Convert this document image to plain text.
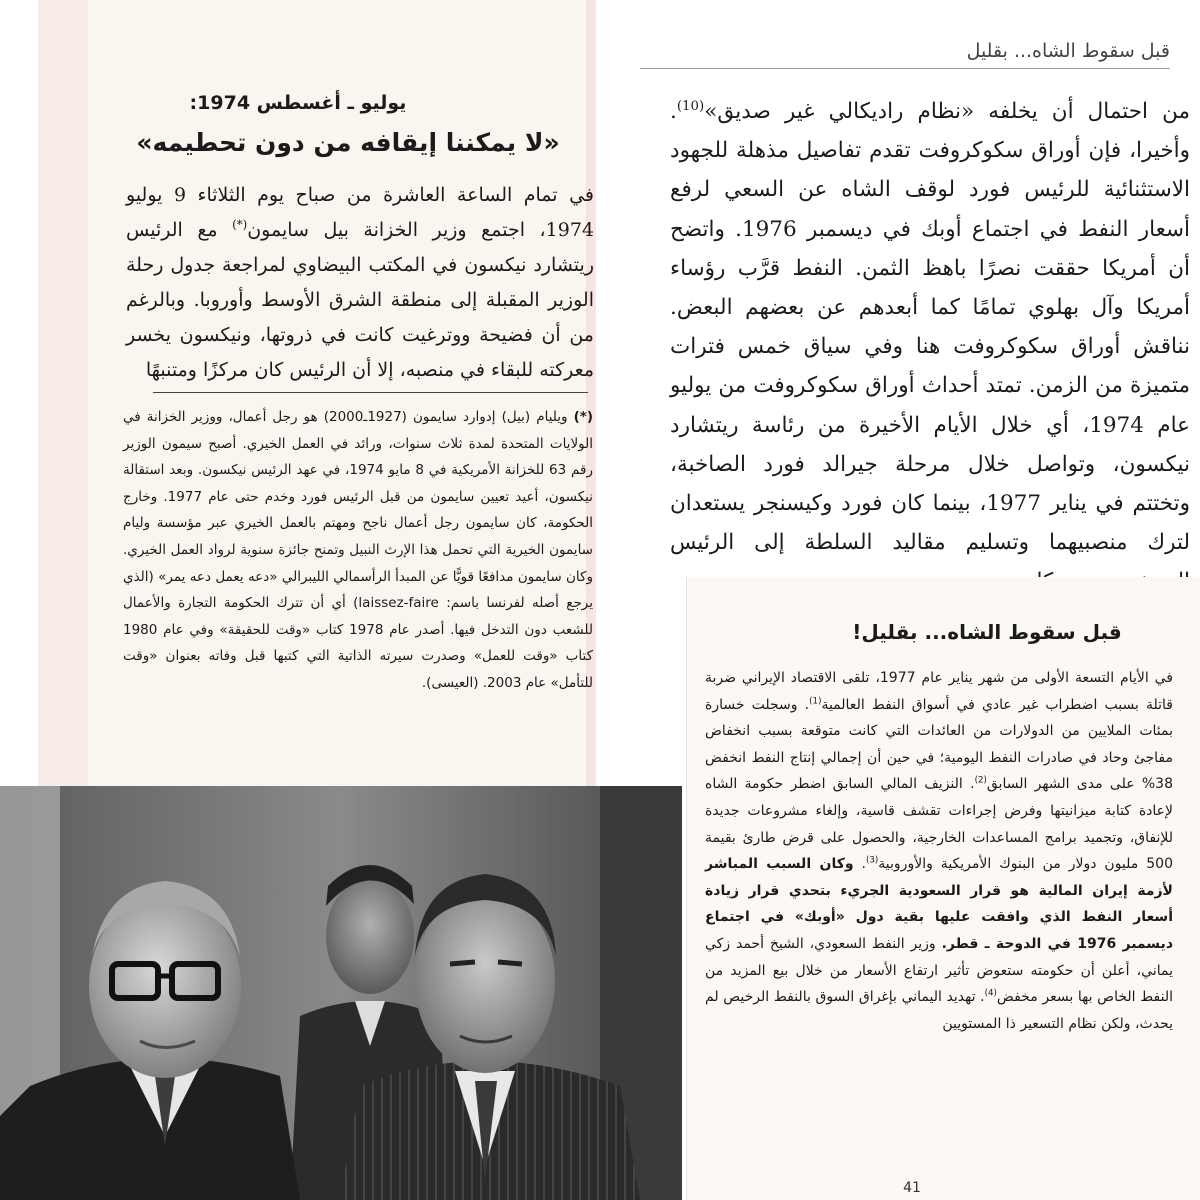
يوليو ـ أغسطس 1974:
«لا يمكننا إيقافه من دون تحطيمه»

في تمام الساعة العاشرة من صباح يوم الثلاثاء 9 يوليو 1974، اجتمع وزير الخزانة بيل سايمون(*) مع الرئيس ريتشارد نيكسون في المكتب البيضاوي لمراجعة جدول رحلة الوزير المقبلة إلى منطقة الشرق الأوسط وأوروبا. وبالرغم من أن فضيحة ووترغيت كانت في ذروتها، ونيكسون يخسر معركته للبقاء في منصبه، إلا أن الرئيس كان مركزًا ومتنبهًا

(*) ويليام (بيل) إدوارد سايمون (1927ـ2000) هو رجل أعمال، ووزير الخزانة في الولايات المتحدة لمدة ثلاث سنوات، ورائد في العمل الخيري. أصبح سيمون الوزير رقم 63 للخزانة الأمريكية في 8 مايو 1974، في عهد الرئيس نيكسون. وبعد استقالة نيكسون، أعيد تعيين سايمون من قبل الرئيس فورد وخدم حتى عام 1977. وخارج الحكومة، كان سايمون رجل أعمال ناجح ومهتم بالعمل الخيري عبر مؤسسة وليام سايمون الخيرية التي تحمل هذا الإرث النبيل وتمنح جائزة سنوية لرواد العمل الخيري. وكان سايمون مدافعًا قويًّا عن المبدأ الرأسمالي الليبرالي «دعه يعمل دعه يمر» (الذي يرجع أصله لفرنسا باسم: laissez-faire) أي أن تترك الحكومة التجارة والأعمال للشعب دون التدخل فيها. أصدر عام 1978 كتاب «وقت للحقيقة» وفي عام 1980 كتاب «وقت للعمل» وصدرت سيرته الذاتية التي كتبها قبل وفاته بعنوان «وقت للتأمل» عام 2003. (العيسى).

قبل سقوط الشاه... بقليل

من احتمال أن يخلفه «نظام راديكالي غير صديق»$^{(10)}$. وأخيرا، فإن أوراق سكوكروفت تقدم تفاصيل مذهلة للجهود الاستثنائية للرئيس فورد لوقف الشاه عن السعي لرفع أسعار النفط في اجتماع أوبك في ديسمبر 1976. واتضح أن أمريكا حققت نصرًا باهظ الثمن. النفط قرَّب رؤساء أمريكا وآل بهلوي تمامًا كما أبعدهم عن بعضهم البعض. نناقش أوراق سكوكروفت هنا وفي سياق خمس فترات متميزة من الزمن. تمتد أحداث أوراق سكوكروفت من يوليو عام 1974، أي خلال الأيام الأخيرة من رئاسة ريتشارد نيكسون، وتواصل خلال مرحلة جيرالد فورد الصاخبة، وتختتم في يناير 1977، بينما كان فورد وكيسنجر يستعدان لترك منصبيهما وتسليم مقاليد السلطة إلى الرئيس

قبل سقوط الشاه... بقليل!

في الأيام التسعة الأولى من شهر يناير عام 1977، تلقى الاقتصاد الإيراني ضربة قاتلة بسبب اضطراب غير عادي في أسواق النفط العالمية$^{(1)}$. وسجلت خسارة بمئات الملايين من الدولارات من العائدات التي كانت متوقعة بسبب انخفاض مفاجئ وحاد في صادرات النفط اليومية؛ في حين أن إجمالي إنتاج النفط انخفض 38% على مدى الشهر السابق$^{(2)}$. النزيف المالي السابق اضطر حكومة الشاه لإعادة كتابة ميزانيتها وفرض إجراءات تقشف قاسية، وإلغاء مشروعات جديدة للإنفاق، وتجميد برامج المساعدات الخارجية، والحصول على قرض طارئ بقيمة 500 مليون دولار من البنوك الأمريكية والأوروبية$^{(3)}$. وكان السبب المباشر لأزمة إيران المالية هو قرار السعودية الجريء بتحدي قرار زيادة أسعار النفط الذي وافقت عليها بقية دول «أوبك» في اجتماع ديسمبر 1976 في الدوحة ـ قطر. وزير النفط السعودي، الشيخ أحمد زكي يماني، أعلن أن حكومته ستعوض تأثير ارتفاع الأسعار من خلال بيع المزيد من النفط الخاص بها بسعر مخفض$^{(4)}$. تهديد اليماني بإغراق السوق بالنفط الرخيص لم يحدث، ولكن نظام التسعير ذا المستويين

41
